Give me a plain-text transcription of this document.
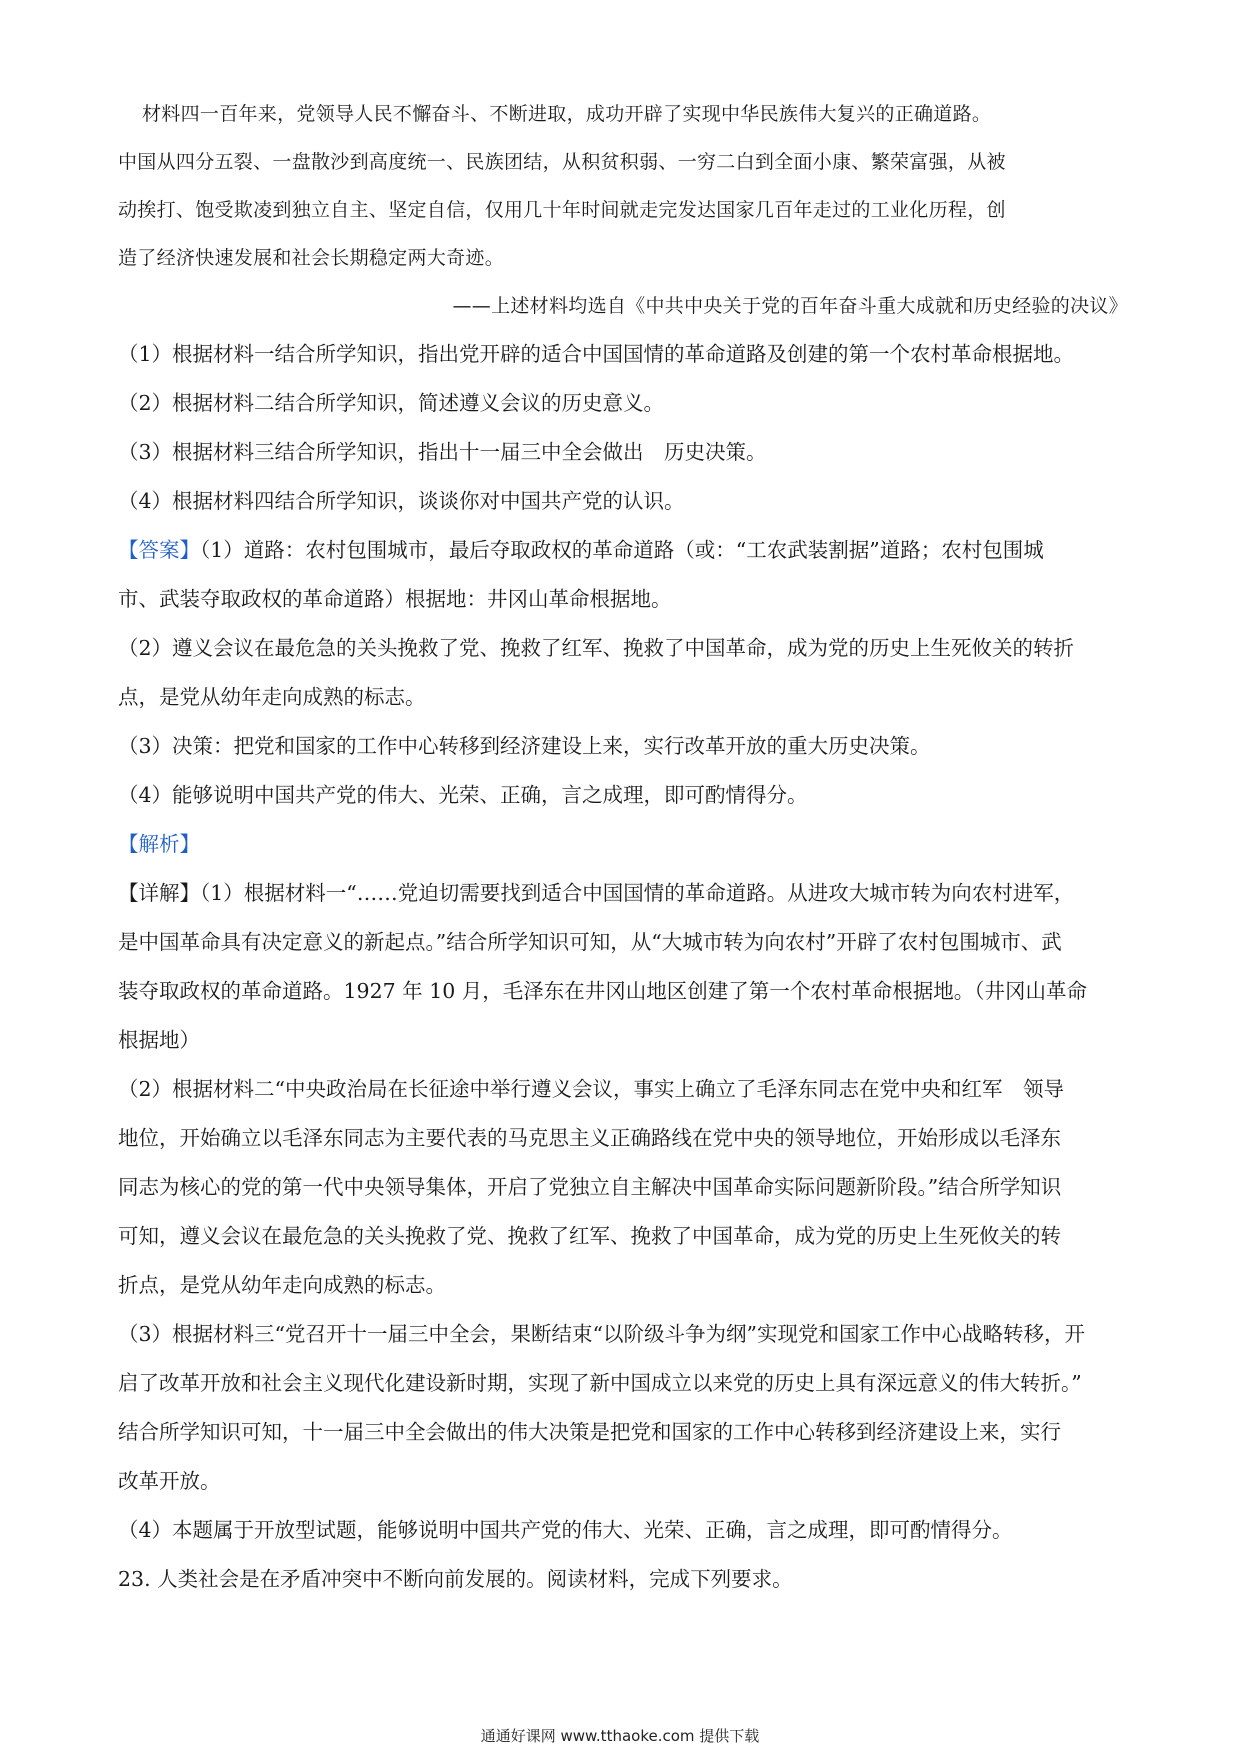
材料四一百年来，党领导人民不懈奋斗、不断进取，成功开辟了实现中华民族伟大复兴的正确道路。
中国从四分五裂、一盘散沙到高度统一、民族团结，从积贫积弱、一穷二白到全面小康、繁荣富强，从被
动挨打、饱受欺凌到独立自主、坚定自信，仅用几十年时间就走完发达国家几百年走过的工业化历程，创
造了经济快速发展和社会长期稳定两大奇迹。
——上述材料均选自《中共中央关于党的百年奋斗重大成就和历史经验的决议》
（1）根据材料一结合所学知识，指出党开辟的适合中国国情的革命道路及创建的第一个农村革命根据地。
（2）根据材料二结合所学知识，简述遵义会议的历史意义。
（3）根据材料三结合所学知识，指出十一届三中全会做出　历史决策。
（4）根据材料四结合所学知识，谈谈你对中国共产党的认识。
【答案】（1）道路：农村包围城市，最后夺取政权的革命道路（或：“工农武装割据”道路；农村包围城
市、武装夺取政权的革命道路）根据地：井冈山革命根据地。
（2）遵义会议在最危急的关头挽救了党、挽救了红军、挽救了中国革命，成为党的历史上生死攸关的转折
点，是党从幼年走向成熟的标志。
（3）决策：把党和国家的工作中心转移到经济建设上来，实行改革开放的重大历史决策。
（4）能够说明中国共产党的伟大、光荣、正确，言之成理，即可酌情得分。
【解析】
【详解】（1）根据材料一“……党迫切需要找到适合中国国情的革命道路。从进攻大城市转为向农村进军，
是中国革命具有决定意义的新起点。”结合所学知识可知，从“大城市转为向农村”开辟了农村包围城市、武
装夺取政权的革命道路。1927 年 10 月，毛泽东在井冈山地区创建了第一个农村革命根据地。（井冈山革命
根据地）
（2）根据材料二“中央政治局在长征途中举行遵义会议，事实上确立了毛泽东同志在党中央和红军　领导
地位，开始确立以毛泽东同志为主要代表的马克思主义正确路线在党中央的领导地位，开始形成以毛泽东
同志为核心的党的第一代中央领导集体，开启了党独立自主解决中国革命实际问题新阶段。”结合所学知识
可知，遵义会议在最危急的关头挽救了党、挽救了红军、挽救了中国革命，成为党的历史上生死攸关的转
折点，是党从幼年走向成熟的标志。
（3）根据材料三“党召开十一届三中全会，果断结束“以阶级斗争为纲”实现党和国家工作中心战略转移，开
启了改革开放和社会主义现代化建设新时期，实现了新中国成立以来党的历史上具有深远意义的伟大转折。”
结合所学知识可知，十一届三中全会做出的伟大决策是把党和国家的工作中心转移到经济建设上来，实行
改革开放。
（4）本题属于开放型试题，能够说明中国共产党的伟大、光荣、正确，言之成理，即可酌情得分。
23. 人类社会是在矛盾冲突中不断向前发展的。阅读材料，完成下列要求。
通通好课网 www.tthaoke.com 提供下载
